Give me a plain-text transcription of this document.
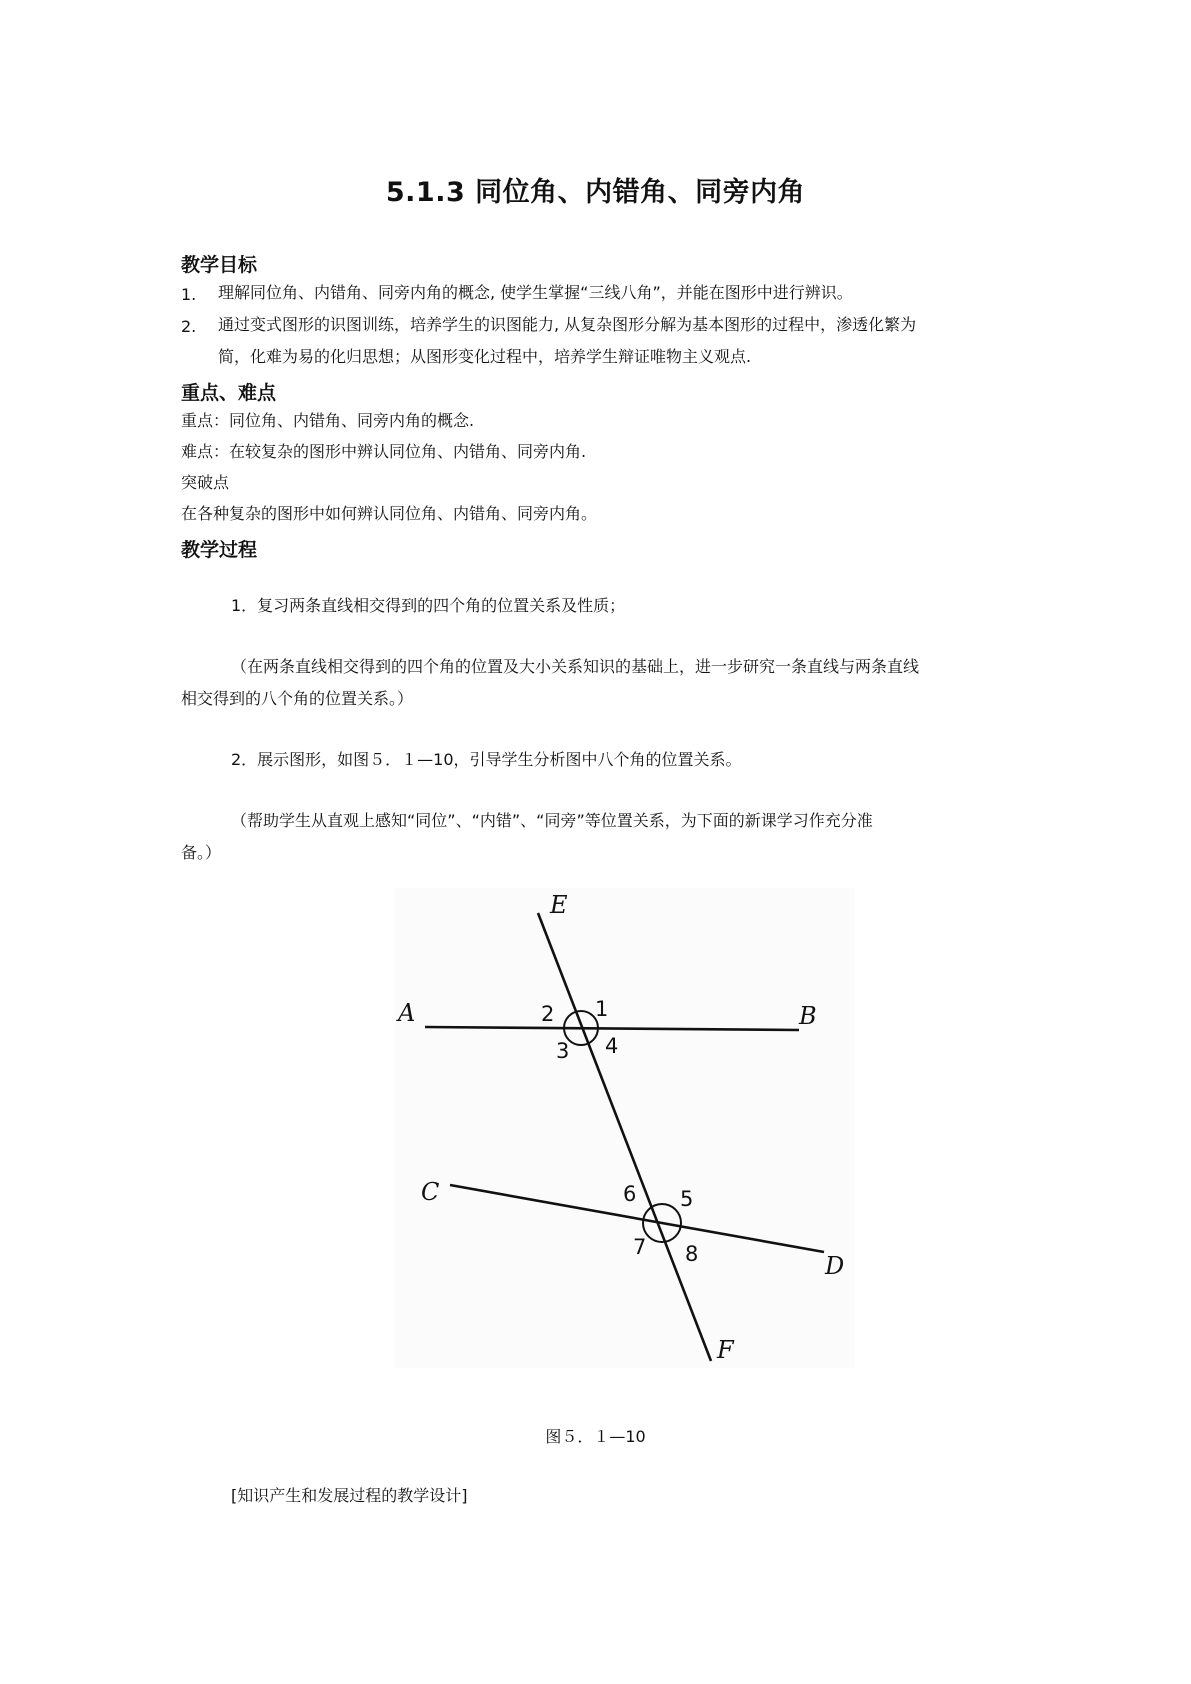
5.1.3 同位角、内错角、同旁内角
教学目标
1. 理解同位角、内错角、同旁内角的概念, 使学生掌握“三线八角”，并能在图形中进行辨识。
2. 通过变式图形的识图训练，培养学生的识图能力, 从复杂图形分解为基本图形的过程中，渗透化繁为
简，化难为易的化归思想；从图形变化过程中，培养学生辩证唯物主义观点.
重点、难点
重点：同位角、内错角、同旁内角的概念.
难点：在较复杂的图形中辨认同位角、内错角、同旁内角.
突破点
在各种复杂的图形中如何辨认同位角、内错角、同旁内角。
教学过程
1．复习两条直线相交得到的四个角的位置关系及性质；
（在两条直线相交得到的四个角的位置及大小关系知识的基础上，进一步研究一条直线与两条直线
相交得到的八个角的位置关系。）
2．展示图形，如图５．１—10，引导学生分析图中八个角的位置关系。
（帮助学生从直观上感知“同位”、“内错”、“同旁”等位置关系，为下面的新课学习作充分准
备。）
E
A	B
C
D
F
1
2
3 4
5
6
7 8
图５．１—10
[知识产生和发展过程的教学设计]
